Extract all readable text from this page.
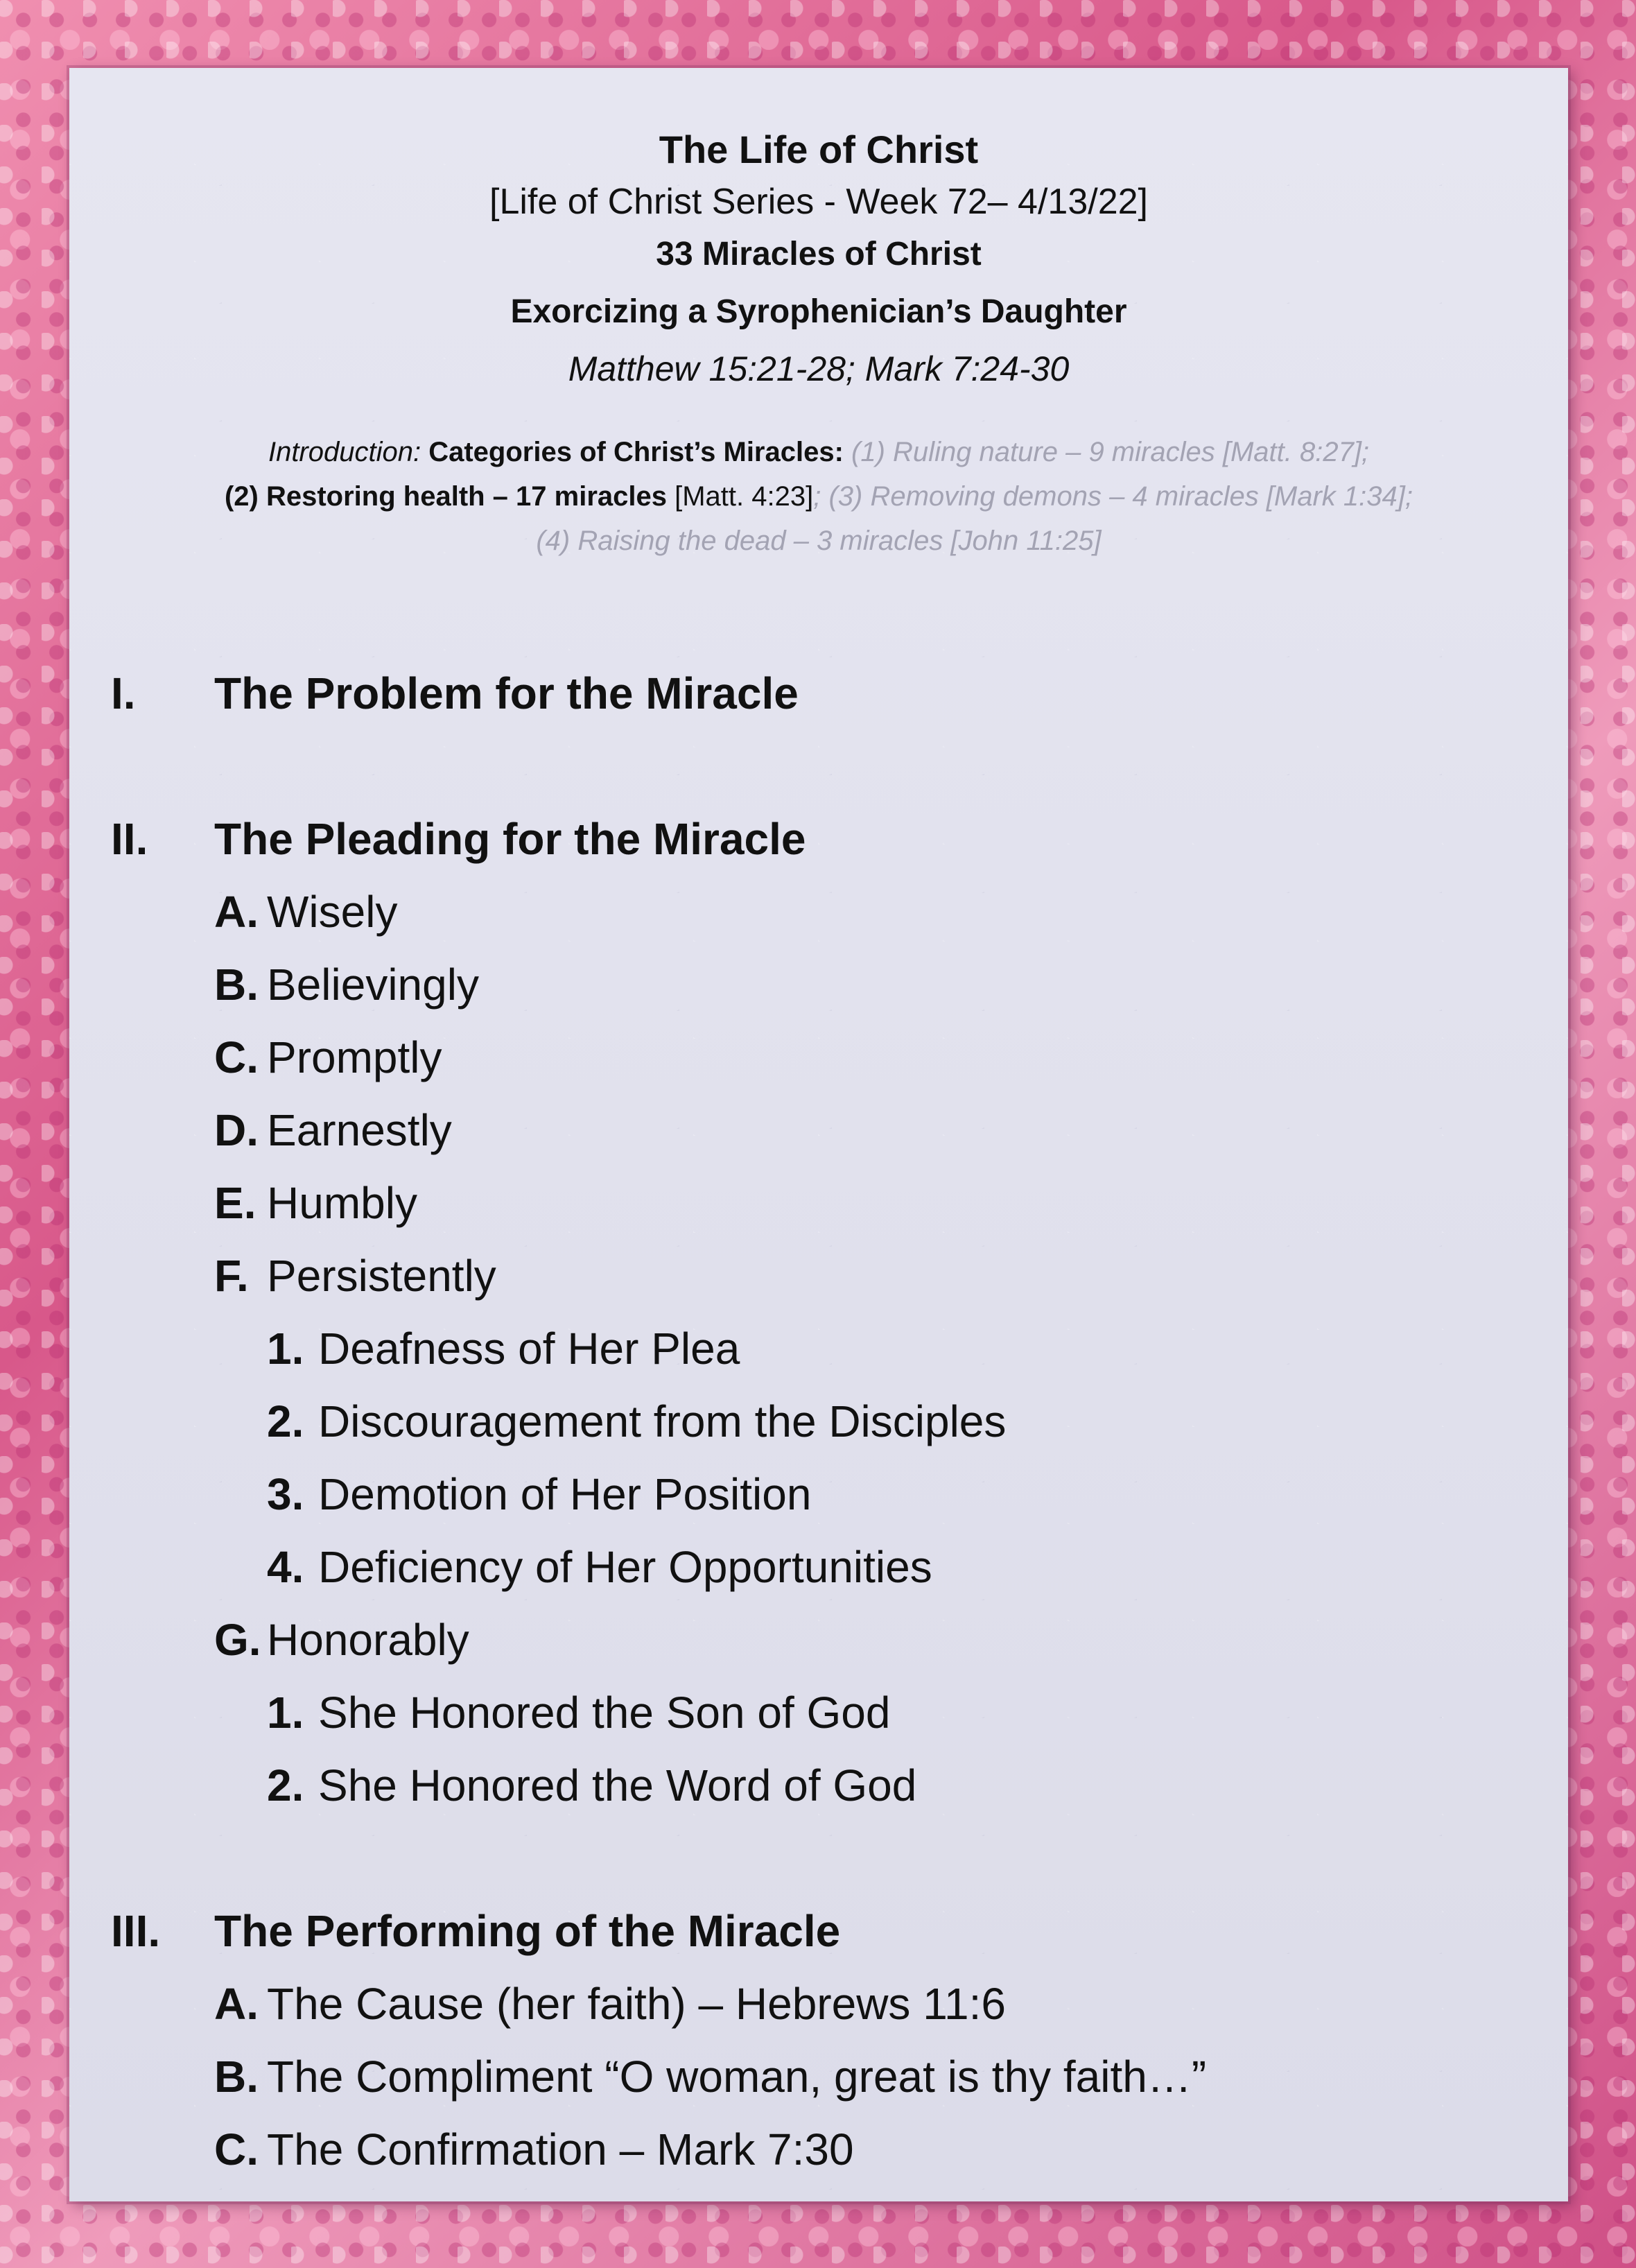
The Life of Christ
[Life of Christ Series - Week 72– 4/13/22]
33 Miracles of Christ
Exorcizing a Syrophenician’s Daughter
Matthew 15:21-28; Mark 7:24-30
Introduction: Categories of Christ’s Miracles: (1) Ruling nature – 9 miracles [Matt. 8:27];
(2) Restoring health – 17 miracles [Matt. 4:23]; (3) Removing demons – 4 miracles [Mark 1:34];
(4) Raising the dead – 3 miracles [John 11:25]
I.	The Problem for the Miracle
II.	The Pleading for the Miracle
A. Wisely
B. Believingly
C. Promptly
D. Earnestly
E. Humbly
F. Persistently
1. Deafness of Her Plea
2. Discouragement from the Disciples
3. Demotion of Her Position
4. Deficiency of Her Opportunities
G. Honorably
1. She Honored the Son of God
2. She Honored the Word of God
III.	The Performing of the Miracle
A. The Cause (her faith) – Hebrews 11:6
B. The Compliment “O woman, great is thy faith…”
C. The Confirmation – Mark 7:30
